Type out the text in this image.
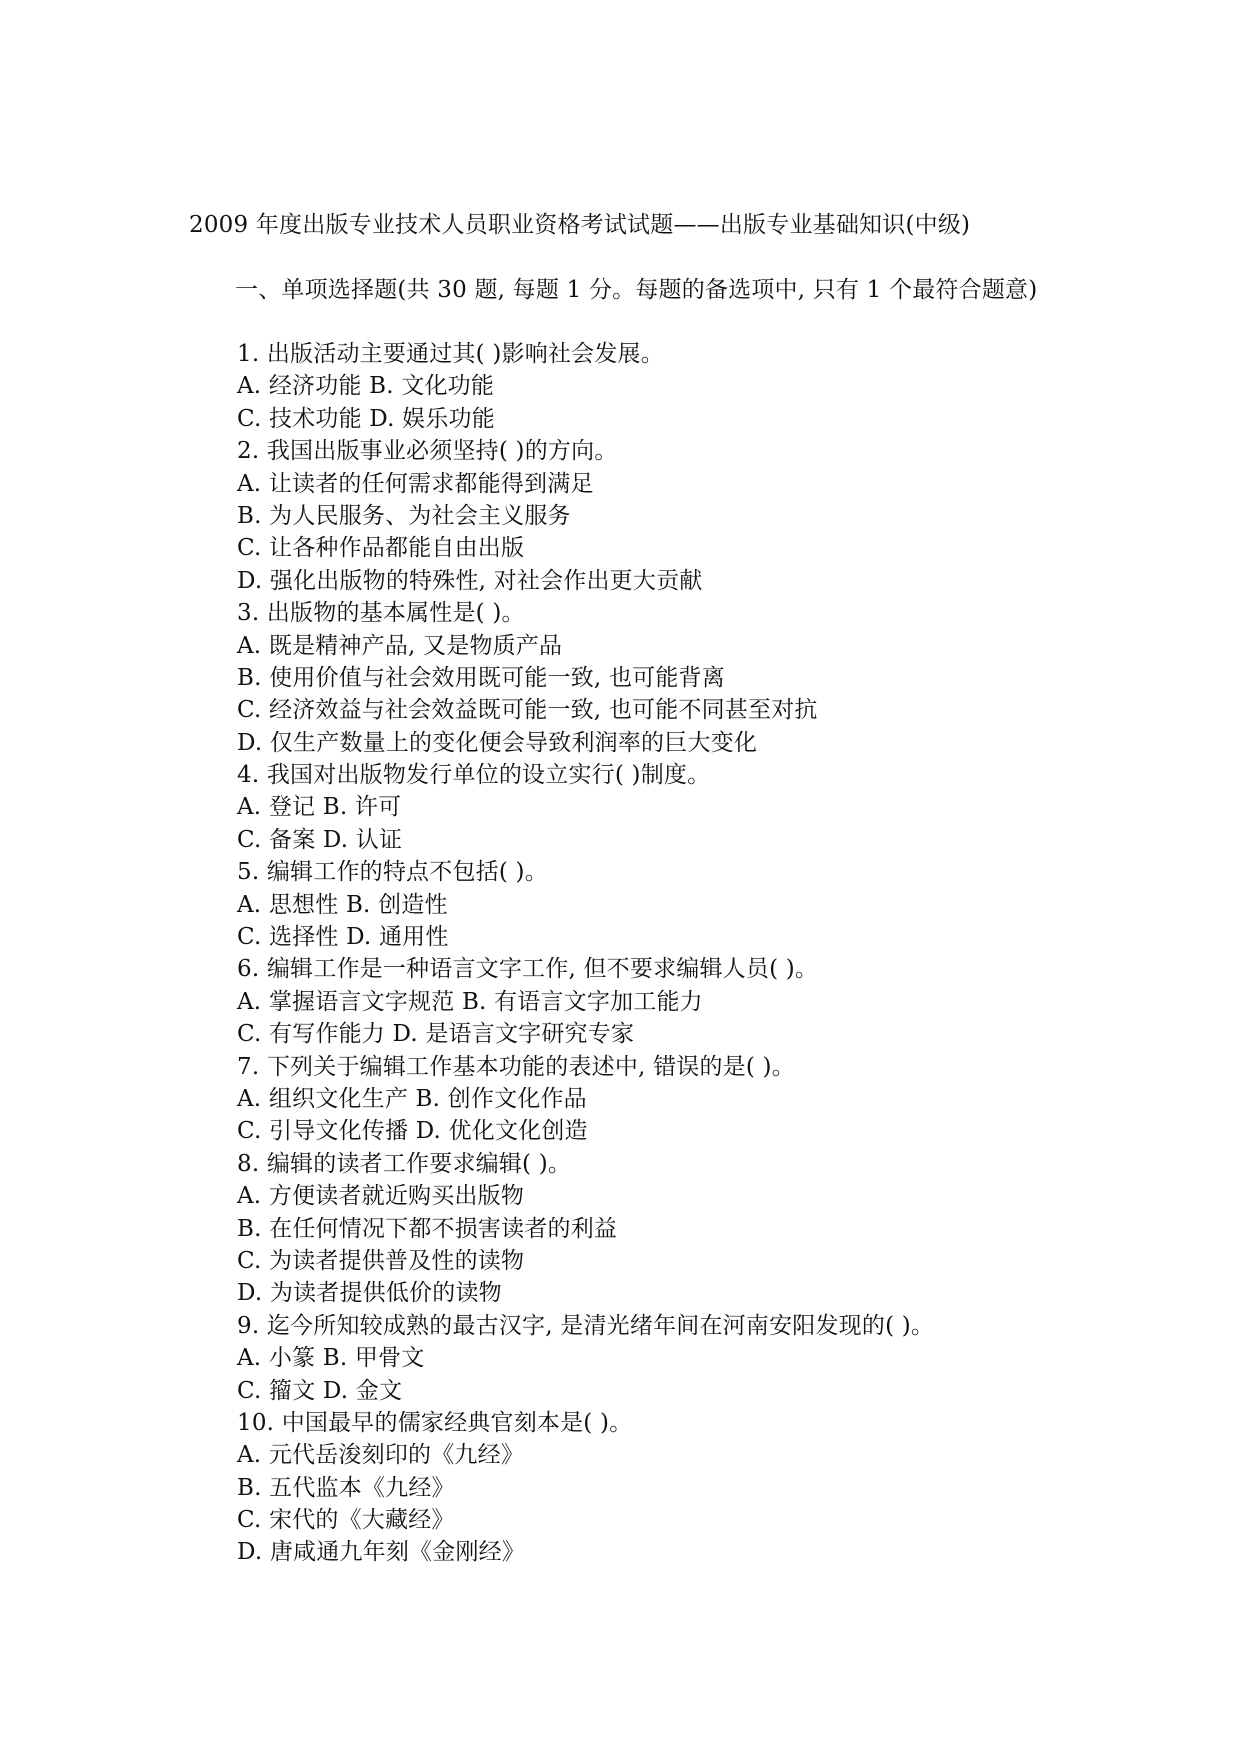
2009 年度出版专业技术人员职业资格考试试题——出版专业基础知识(中级)
一、单项选择题(共 30 题, 每题 1 分。每题的备选项中, 只有 1 个最符合题意)
1. 出版活动主要通过其( )影响社会发展。
A. 经济功能 B. 文化功能
C. 技术功能 D. 娱乐功能
2. 我国出版事业必须坚持( )的方向。
A. 让读者的任何需求都能得到满足
B. 为人民服务、为社会主义服务
C. 让各种作品都能自由出版
D. 强化出版物的特殊性, 对社会作出更大贡献
3. 出版物的基本属性是( )。
A. 既是精神产品, 又是物质产品
B. 使用价值与社会效用既可能一致, 也可能背离
C. 经济效益与社会效益既可能一致, 也可能不同甚至对抗
D. 仅生产数量上的变化便会导致利润率的巨大变化
4. 我国对出版物发行单位的设立实行( )制度。
A. 登记 B. 许可
C. 备案 D. 认证
5. 编辑工作的特点不包括( )。
A. 思想性 B. 创造性
C. 选择性 D. 通用性
6. 编辑工作是一种语言文字工作, 但不要求编辑人员( )。
A. 掌握语言文字规范 B. 有语言文字加工能力
C. 有写作能力 D. 是语言文字研究专家
7. 下列关于编辑工作基本功能的表述中, 错误的是( )。
A. 组织文化生产 B. 创作文化作品
C. 引导文化传播 D. 优化文化创造
8. 编辑的读者工作要求编辑( )。
A. 方便读者就近购买出版物
B. 在任何情况下都不损害读者的利益
C. 为读者提供普及性的读物
D. 为读者提供低价的读物
9. 迄今所知较成熟的最古汉字, 是清光绪年间在河南安阳发现的( )。
A. 小篆 B. 甲骨文
C. 籀文 D. 金文
10. 中国最早的儒家经典官刻本是( )。
A. 元代岳浚刻印的《九经》
B. 五代监本《九经》
C. 宋代的《大藏经》
D. 唐咸通九年刻《金刚经》
